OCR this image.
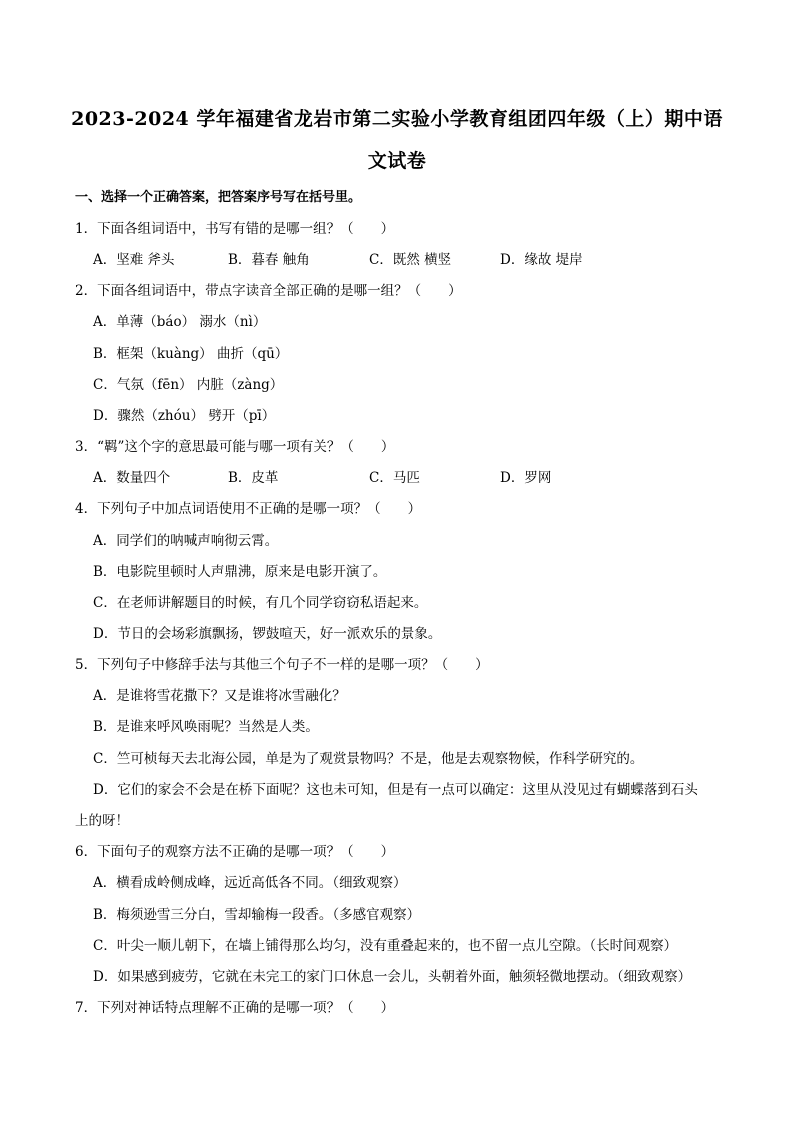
2023-2024 学年福建省龙岩市第二实验小学教育组团四年级（上）期中语
文试卷
一、选择一个正确答案，把答案序号写在括号里。
1．下面各组词语中，书写有错的是哪一组？（　　）
A．坚难 斧头	B．暮春 触角	C．既然 横竖	D．缘故 堤岸
2．下面各组词语中，带点字读音全部正确的是哪一组？（　　）
A．单薄（báo） 溺水（nì）
B．框架（kuàng） 曲折（qū）
C．气氛（fēn） 内脏（zàng）
D．骤然（zhóu） 劈开（pī）
3．“羁”这个字的意思最可能与哪一项有关？（　　）
A．数量四个	B．皮革	C．马匹	D．罗网
4．下列句子中加点词语使用不正确的是哪一项？（　　）
A．同学们的呐喊声响彻云霄。
B．电影院里顿时人声鼎沸，原来是电影开演了。
C．在老师讲解题目的时候，有几个同学窃窃私语起来。
D．节日的会场彩旗飘扬，锣鼓喧天，好一派欢乐的景象。
5．下列句子中修辞手法与其他三个句子不一样的是哪一项？（　　）
A．是谁将雪花撒下？又是谁将冰雪融化？
B．是谁来呼风唤雨呢？当然是人类。
C．竺可桢每天去北海公园，单是为了观赏景物吗？不是，他是去观察物候，作科学研究的。
D．它们的家会不会是在桥下面呢？这也未可知，但是有一点可以确定：这里从没见过有蝴蝶落到石头
上的呀！
6．下面句子的观察方法不正确的是哪一项？（　　）
A．横看成岭侧成峰，远近高低各不同。（细致观察）
B．梅须逊雪三分白，雪却输梅一段香。（多感官观察）
C．叶尖一顺儿朝下，在墙上铺得那么均匀，没有重叠起来的，也不留一点儿空隙。（长时间观察）
D．如果感到疲劳，它就在未完工的家门口休息一会儿，头朝着外面，触须轻微地摆动。（细致观察）
7．下列对神话特点理解不正确的是哪一项？（　　）
